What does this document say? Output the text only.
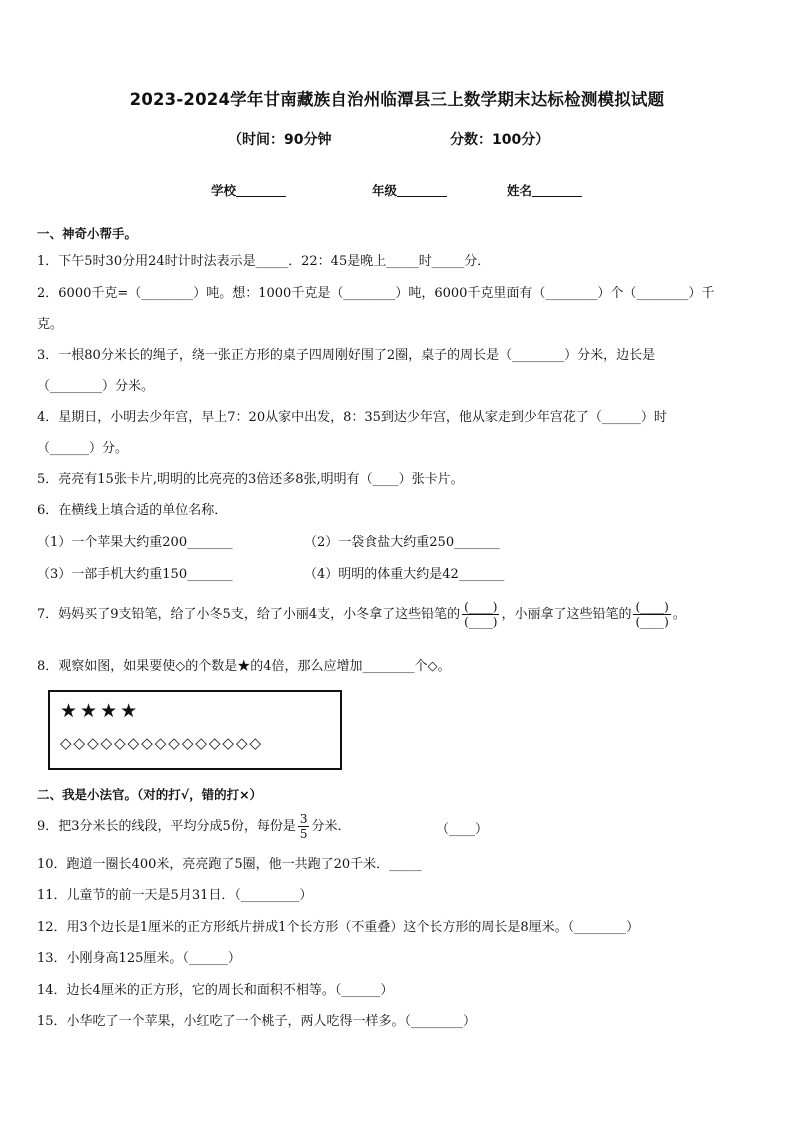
2023-2024学年甘南藏族自治州临潭县三上数学期末达标检测模拟试题
（时间：90分钟	分数：100分）
学校	年级	姓名
一、神奇小帮手。
1．下午5时30分用24时计时法表示是_____．22：45是晚上_____时_____分．
2．6000千克=（________）吨。想：1000千克是（________）吨，6000千克里面有（________）个（________）千
克。
3．一根80分米长的绳子，绕一张正方形的桌子四周刚好围了2圈，桌子的周长是（________）分米，边长是
（________）分米。
4．星期日，小明去少年宫，早上7：20从家中出发，8：35到达少年宫，他从家走到少年宫花了（______）时
（______）分。
5．亮亮有15张卡片,明明的比亮亮的3倍还多8张,明明有（____）张卡片。
6．在横线上填合适的单位名称．
（1）一个苹果大约重200_______	（2）一袋食盐大约重250_______
（3）一部手机大约重150_______	（4）明明的体重大约是42_______
7．妈妈买了9支铅笔，给了小冬5支，给了小丽4支，小冬拿了这些铅笔的 $\frac{(\_\_\_\_)}{(\_\_\_\_)}$ ，小丽拿了这些铅笔的 $\frac{(\_\_\_\_)}{(\_\_\_\_)}$ 。
8．观察如图，如果要使◇的个数是★的4倍，那么应增加________个◇。
★★★★
◇◇◇◇◇◇◇◇◇◇◇◇◇◇◇
二、我是小法官。（对的打√，错的打×）
9．把3分米长的线段，平均分成5份，每份是 $\frac{3}{5}$ 分米．	（____）
10．跑道一圈长400米，亮亮跑了5圈，他一共跑了20千米．_____
11．儿童节的前一天是5月31日．（_________）
12．用3个边长是1厘米的正方形纸片拼成1个长方形（不重叠）这个长方形的周长是8厘米。（________）
13．小刚身高125厘米。（______）
14．边长4厘米的正方形，它的周长和面积不相等。（______）
15．小华吃了一个苹果，小红吃了一个桃子，两人吃得一样多。（________）
